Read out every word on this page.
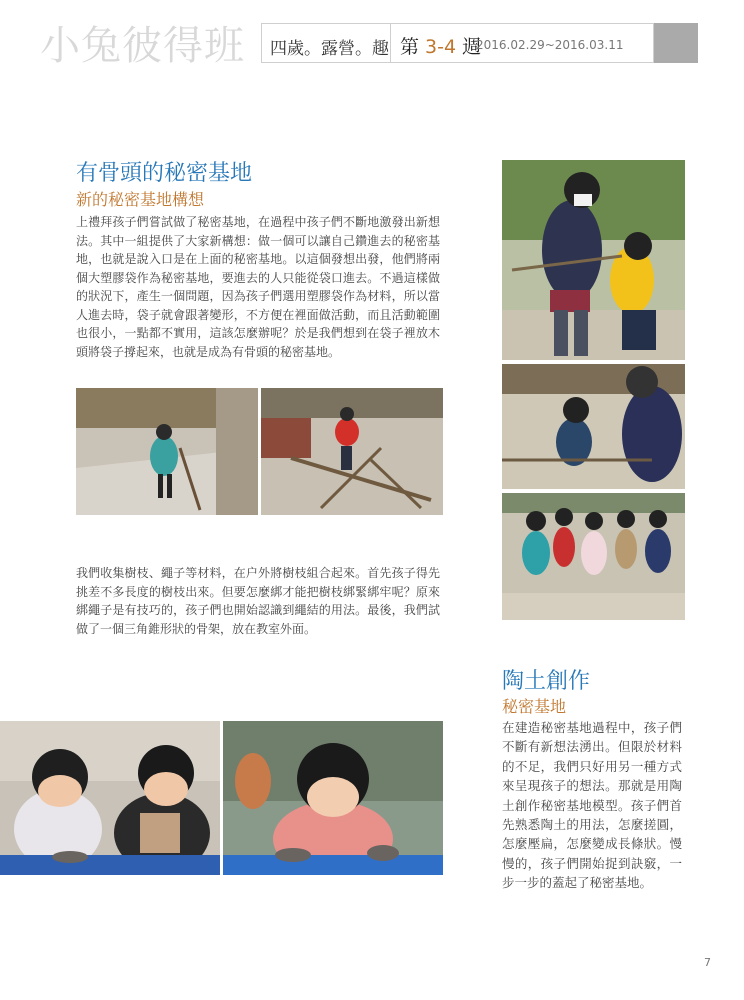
小兔彼得班 四歲。露營。趣 第 3-4 週
2016.02.29~2016.03.11
有骨頭的秘密基地
新的秘密基地構想
上禮拜孩子們嘗試做了秘密基地，在過程中孩子們不斷地激發出新想法。其中一組提供了大家新構想：做一個可以讓自己鑽進去的秘密基地，也就是說入口是在上面的秘密基地。以這個發想出發，他們將兩個大塑膠袋作為秘密基地，要進去的人只能從袋口進去。不過這樣做的狀況下，產生一個問題，因為孩子們選用塑膠袋作為材料，所以當人進去時，袋子就會跟著變形，不方便在裡面做活動，而且活動範圍也很小，一點都不實用，這該怎麼辦呢？於是我們想到在袋子裡放木頭將袋子撐起來，也就是成為有骨頭的秘密基地。
我們收集樹枝、繩子等材料，在户外將樹枝組合起來。首先孩子得先挑差不多長度的樹枝出來。但要怎麼綁才能把樹枝綁緊綁牢呢？原來綁繩子是有技巧的，孩子們也開始認識到繩結的用法。最後，我們試做了一個三角錐形狀的骨架，放在教室外面。
陶土創作
秘密基地
在建造秘密基地過程中，孩子們不斷有新想法湧出。但限於材料的不足，我們只好用另一種方式來呈現孩子的想法。那就是用陶土創作秘密基地模型。孩子們首先熟悉陶土的用法，怎麼搓圓，怎麼壓扁，怎麼變成長條狀。慢慢的，孩子們開始捉到訣竅，一步一步的蓋起了秘密基地。
7
